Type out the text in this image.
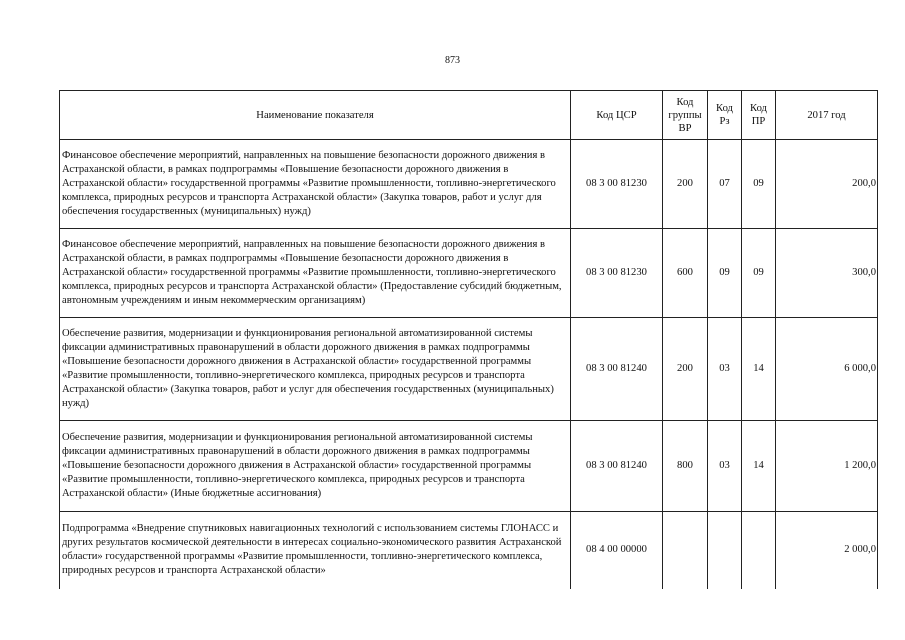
873
Наименование показателя	Код ЦСР	Код группы ВР	Код Рз	Код ПР	2017 год
Финансовое обеспечение мероприятий, направленных на повышение безопасности дорожного движения в Астраханской области, в рамках подпрограммы «Повышение безопасности дорожного движения в Астраханской области» государственной программы «Развитие промышленности, топливно-энергетического комплекса, природных ресурсов и транспорта Астраханской области» (Закупка товаров, работ и услуг для обеспечения государственных (муниципальных) нужд)	08 3 00 81230	200	07	09	200,0
Финансовое обеспечение мероприятий, направленных на повышение безопасности дорожного движения в Астраханской области, в рамках подпрограммы «Повышение безопасности дорожного движения в Астраханской области» государственной программы «Развитие промышленности, топливно-энергетического комплекса, природных ресурсов и транспорта Астраханской области» (Предоставление субсидий бюджетным, автономным учреждениям и иным некоммерческим организациям)	08 3 00 81230	600	09	09	300,0
Обеспечение развития, модернизации и функционирования региональной автоматизированной системы фиксации административных правонарушений в области дорожного движения в рамках подпрограммы «Повышение безопасности дорожного движения в Астраханской области» государственной программы «Развитие промышленности, топливно-энергетического комплекса, природных ресурсов и транспорта Астраханской области» (Закупка товаров, работ и услуг для обеспечения государственных (муниципальных) нужд)	08 3 00 81240	200	03	14	6 000,0
Обеспечение развития, модернизации и функционирования региональной автоматизированной системы фиксации административных правонарушений в области дорожного движения в рамках подпрограммы «Повышение безопасности дорожного движения в Астраханской области» государственной программы «Развитие промышленности, топливно-энергетического комплекса, природных ресурсов и транспорта Астраханской области» (Иные бюджетные ассигнования)	08 3 00 81240	800	03	14	1 200,0
Подпрограмма «Внедрение спутниковых навигационных технологий с использованием системы ГЛОНАСС и других результатов космической деятельности в интересах социально-экономического развития Астраханской области» государственной программы «Развитие промышленности, топливно-энергетического комплекса, природных ресурсов и транспорта Астраханской области»	08 4 00 00000				2 000,0
